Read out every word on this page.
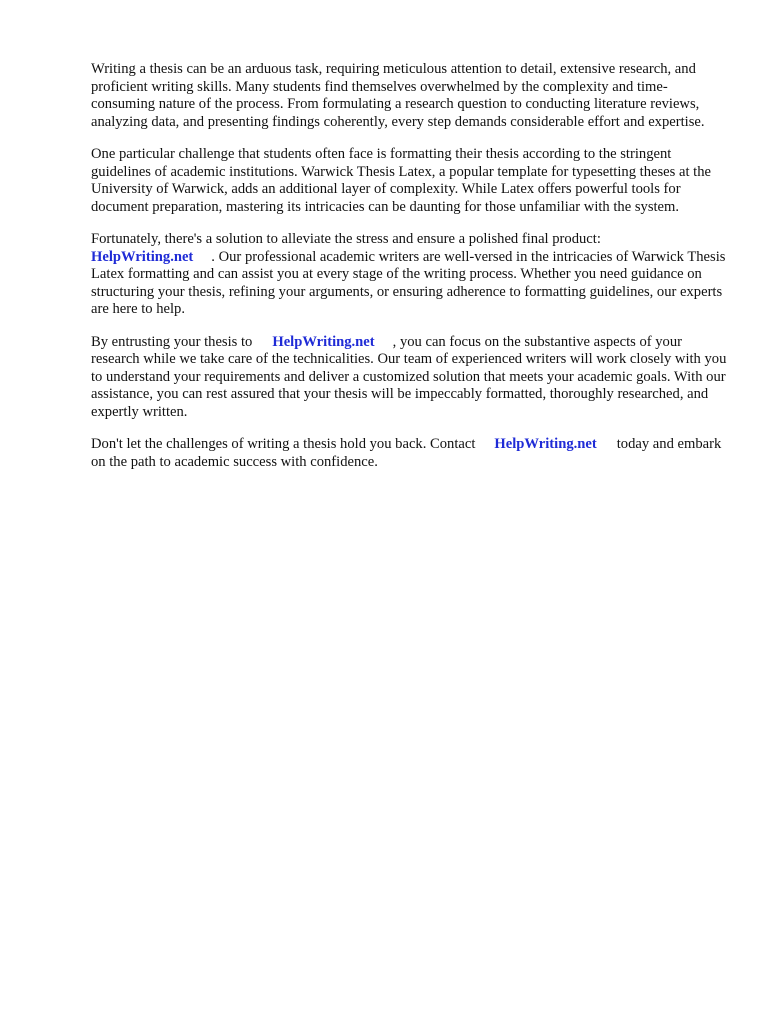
Writing a thesis can be an arduous task, requiring meticulous attention to detail, extensive research, and proficient writing skills. Many students find themselves overwhelmed by the complexity and time-consuming nature of the process. From formulating a research question to conducting literature reviews, analyzing data, and presenting findings coherently, every step demands considerable effort and expertise.

One particular challenge that students often face is formatting their thesis according to the stringent guidelines of academic institutions. Warwick Thesis Latex, a popular template for typesetting theses at the University of Warwick, adds an additional layer of complexity. While Latex offers powerful tools for document preparation, mastering its intricacies can be daunting for those unfamiliar with the system.

Fortunately, there's a solution to alleviate the stress and ensure a polished final product:
HelpWriting.net . Our professional academic writers are well-versed in the intricacies of Warwick Thesis Latex formatting and can assist you at every stage of the writing process. Whether you need guidance on structuring your thesis, refining your arguments, or ensuring adherence to formatting guidelines, our experts are here to help.

By entrusting your thesis to HelpWriting.net , you can focus on the substantive aspects of your research while we take care of the technicalities. Our team of experienced writers will work closely with you to understand your requirements and deliver a customized solution that meets your academic goals. With our assistance, you can rest assured that your thesis will be impeccably formatted, thoroughly researched, and expertly written.

Don't let the challenges of writing a thesis hold you back. Contact HelpWriting.net today and embark on the path to academic success with confidence.
